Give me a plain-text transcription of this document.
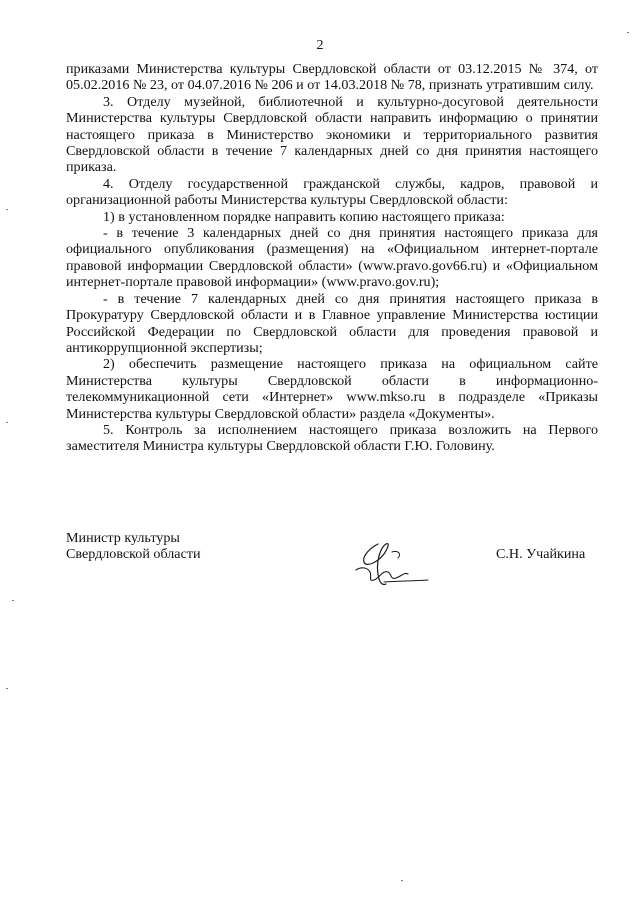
2

приказами Министерства культуры Свердловской области от 03.12.2015 № 374, от 05.02.2016 № 23, от 04.07.2016 № 206 и от 14.03.2018 № 78, признать утратившим силу.

3. Отделу музейной, библиотечной и культурно-досуговой деятельности Министерства культуры Свердловской области направить информацию о принятии настоящего приказа в Министерство экономики и территориального развития Свердловской области в течение 7 календарных дней со дня принятия настоящего приказа.

4. Отделу государственной гражданской службы, кадров, правовой и организационной работы Министерства культуры Свердловской области:

1) в установленном порядке направить копию настоящего приказа:

- в течение 3 календарных дней со дня принятия настоящего приказа для официального опубликования (размещения) на «Официальном интернет-портале правовой информации Свердловской области» (www.pravo.gov66.ru) и «Официальном интернет-портале правовой информации» (www.pravo.gov.ru);

- в течение 7 календарных дней со дня принятия настоящего приказа в Прокуратуру Свердловской области и в Главное управление Министерства юстиции Российской Федерации по Свердловской области для проведения правовой и антикоррупционной экспертизы;

2) обеспечить размещение настоящего приказа на официальном сайте Министерства культуры Свердловской области в информационно-телекоммуникационной сети «Интернет» www.mkso.ru в подразделе «Приказы Министерства культуры Свердловской области» раздела «Документы».

5. Контроль за исполнением настоящего приказа возложить на Первого заместителя Министра культуры Свердловской области Г.Ю. Головину.

Министр культуры
Свердловской области	С.Н. Учайкина
